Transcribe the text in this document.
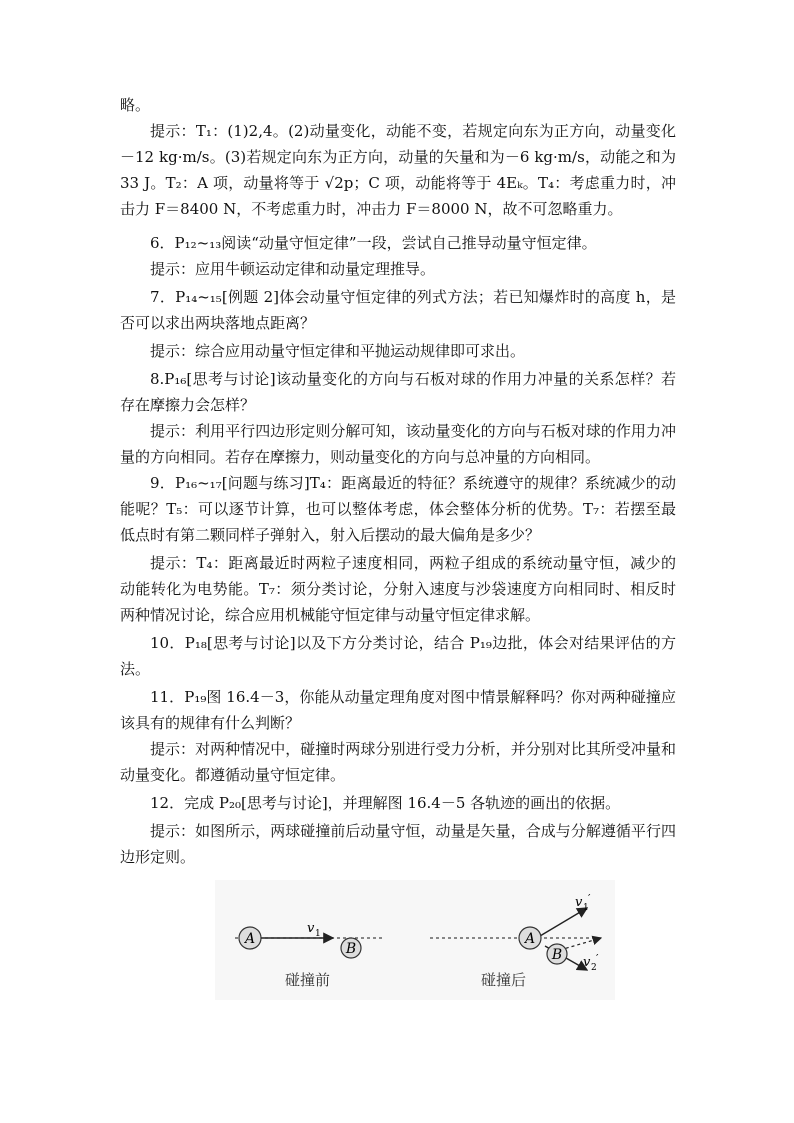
略。

提示：T₁：(1)2,4。(2)动量变化，动能不变，若规定向东为正方向，动量变化－12 kg·m/s。(3)若规定向东为正方向，动量的矢量和为－6 kg·m/s，动能之和为 33 J。T₂：A 项，动量将等于 √2p；C 项，动能将等于 4Eₖ。T₄：考虑重力时，冲击力 F＝8400 N，不考虑重力时，冲击力 F＝8000 N，故不可忽略重力。

6．P₁₂~₁₃阅读“动量守恒定律”一段，尝试自己推导动量守恒定律。

提示：应用牛顿运动定律和动量定理推导。

7．P₁₄~₁₅[例题 2]体会动量守恒定律的列式方法；若已知爆炸时的高度 h，是否可以求出两块落地点距离？

提示：综合应用动量守恒定律和平抛运动规律即可求出。

8.P₁₆[思考与讨论]该动量变化的方向与石板对球的作用力冲量的关系怎样？若存在摩擦力会怎样？

提示：利用平行四边形定则分解可知，该动量变化的方向与石板对球的作用力冲量的方向相同。若存在摩擦力，则动量变化的方向与总冲量的方向相同。

9．P₁₆~₁₇[问题与练习]T₄：距离最近的特征？系统遵守的规律？系统减少的动能呢？T₅：可以逐节计算，也可以整体考虑，体会整体分析的优势。T₇：若摆至最低点时有第二颗同样子弹射入，射入后摆动的最大偏角是多少？

提示：T₄：距离最近时两粒子速度相同，两粒子组成的系统动量守恒，减少的动能转化为电势能。T₇：须分类讨论，分射入速度与沙袋速度方向相同时、相反时两种情况讨论，综合应用机械能守恒定律与动量守恒定律求解。

10．P₁₈[思考与讨论]以及下方分类讨论，结合 P₁₉边批，体会对结果评估的方法。

11．P₁₉图 16.4－3，你能从动量定理角度对图中情景解释吗？你对两种碰撞应该具有的规律有什么判断？

提示：对两种情况中，碰撞时两球分别进行受力分析，并分别对比其所受冲量和动量变化。都遵循动量守恒定律。

12．完成 P₂₀[思考与讨论]，并理解图 16.4－5 各轨迹的画出的依据。

提示：如图所示，两球碰撞前后动量守恒，动量是矢量，合成与分解遵循平行四边形定则。

A
B
v 1
碰撞前
A
B
v 1
′
v 2
′
碰撞后
